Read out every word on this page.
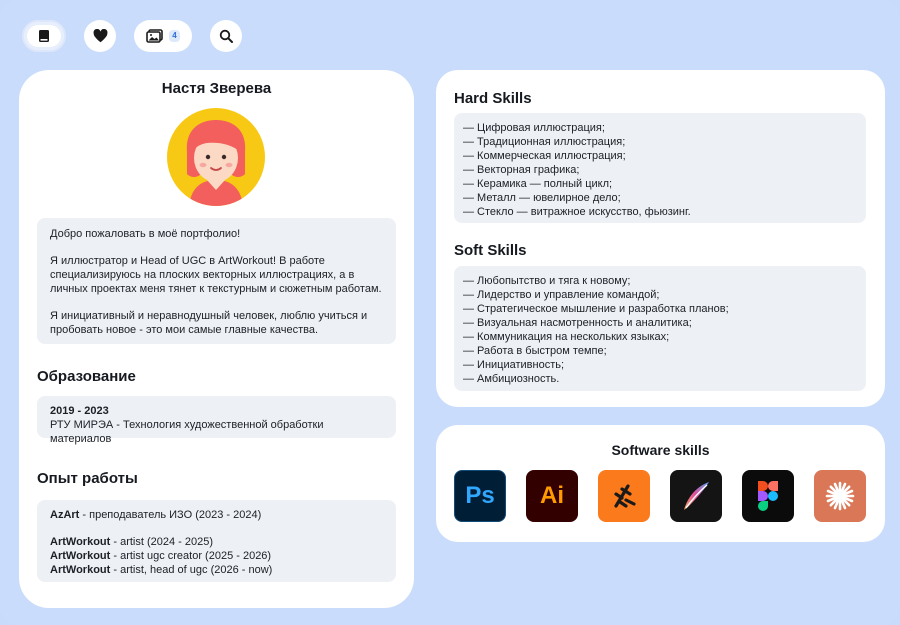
4
Настя Зверева

Добро пожаловать в моё портфолио!

Я иллюстратор и Head of UGC в ArtWorkout! В работе специализируюсь на плоских векторных иллюстрациях, а в личных проектах меня тянет к текстурным и сюжетным работам.

Я инициативный и неравнодушный человек, люблю учиться и пробовать новое - это мои самые главные качества.

Образование
2019 - 2023
РТУ МИРЭА - Технология художественной обработки материалов
Опыт работы
AzArt - преподаватель ИЗО (2023 - 2024)
ArtWorkout - artist (2024 - 2025)
ArtWorkout - artist ugc creator (2025 - 2026)
ArtWorkout - artist, head of ugc (2026 - now)
Hard Skills
— Цифровая иллюстрация;
— Традиционная иллюстрация;
— Коммерческая иллюстрация;
— Векторная графика;
— Керамика — полный цикл;
— Металл — ювелирное дело;
— Стекло — витражное искусство, фьюзинг.
Soft Skills
— Любопытство и тяга к новому;
— Лидерство и управление командой;
— Стратегическое мышление и разработка планов;
— Визуальная насмотренность и аналитика;
— Коммуникация на нескольких языках;
— Работа в быстром темпе;
— Инициативность;
— Амбициозность.
Software skills
Ps Ai
